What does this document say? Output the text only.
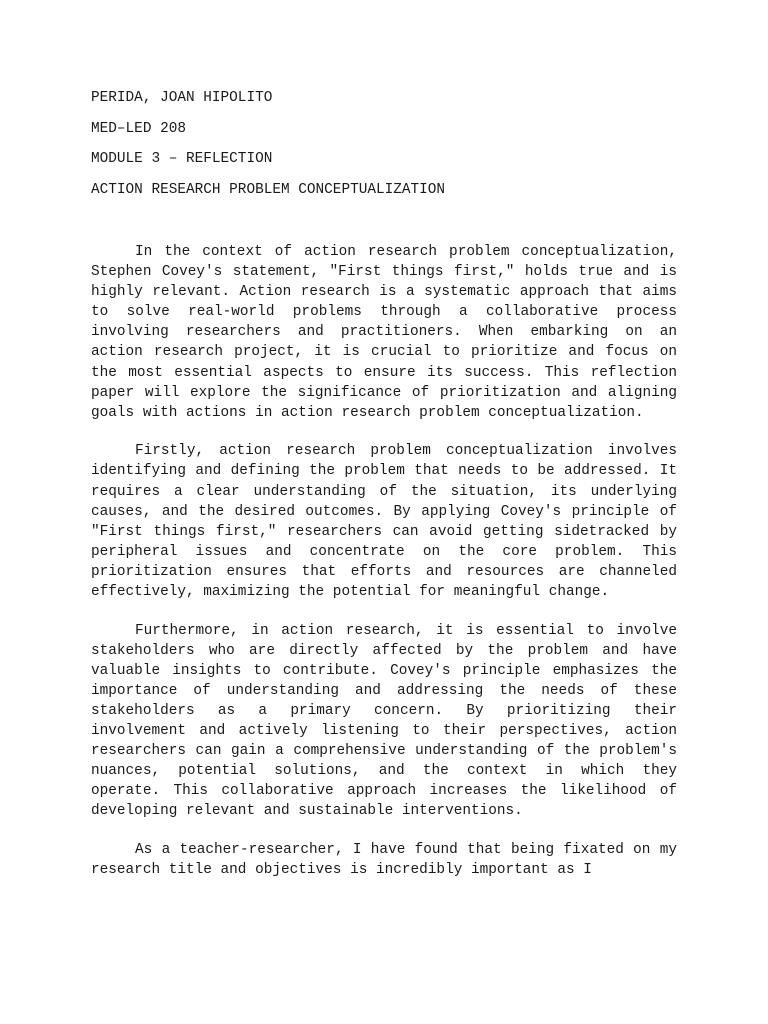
PERIDA, JOAN HIPOLITO
MED–LED 208
MODULE 3 – REFLECTION
ACTION RESEARCH PROBLEM CONCEPTUALIZATION

In the context of action research problem conceptualization, Stephen Covey's statement, "First things first," holds true and is highly relevant. Action research is a systematic approach that aims to solve real-world problems through a collaborative process involving researchers and practitioners. When embarking on an action research project, it is crucial to prioritize and focus on the most essential aspects to ensure its success. This reflection paper will explore the significance of prioritization and aligning goals with actions in action research problem conceptualization.

Firstly, action research problem conceptualization involves identifying and defining the problem that needs to be addressed. It requires a clear understanding of the situation, its underlying causes, and the desired outcomes. By applying Covey's principle of "First things first," researchers can avoid getting sidetracked by peripheral issues and concentrate on the core problem. This prioritization ensures that efforts and resources are channeled effectively, maximizing the potential for meaningful change.

Furthermore, in action research, it is essential to involve stakeholders who are directly affected by the problem and have valuable insights to contribute. Covey's principle emphasizes the importance of understanding and addressing the needs of these stakeholders as a primary concern. By prioritizing their involvement and actively listening to their perspectives, action researchers can gain a comprehensive understanding of the problem's nuances, potential solutions, and the context in which they operate. This collaborative approach increases the likelihood of developing relevant and sustainable interventions.

As a teacher-researcher, I have found that being fixated on my research title and objectives is incredibly important as I
